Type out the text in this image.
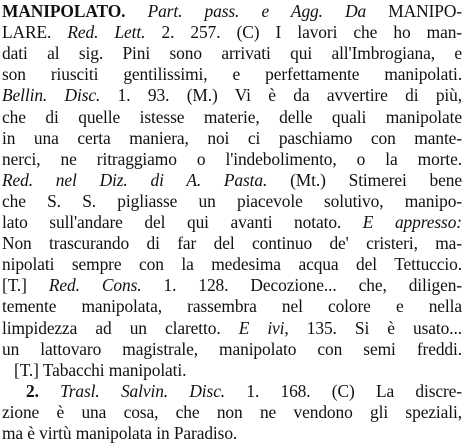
MANIPOLATO. Part. pass. e Agg. Da MANIPO-
LARE. Red. Lett. 2. 257. (C) I lavori che ho man-
dati al sig. Pini sono arrivati qui all'Imbrogiana, e
son riusciti gentilissimi, e perfettamente manipolati.
Bellin. Disc. 1. 93. (M.) Vi è da avvertire di più,
che di quelle istesse materie, delle quali manipolate
in una certa maniera, noi ci paschiamo con mante-
nerci, ne ritraggiamo o l'indebolimento, o la morte.
Red. nel Diz. di A. Pasta. (Mt.) Stimerei bene
che S. S. pigliasse un piacevole solutivo, manipo-
lato sull'andare del qui avanti notato. E appresso:
Non trascurando di far del continuo de' cristeri, ma-
nipolati sempre con la medesima acqua del Tettuccio.
[T.] Red. Cons. 1. 128. Decozione... che, diligen-
temente manipolata, rassembra nel colore e nella
limpidezza ad un claretto. E ivi, 135. Si è usato...
un lattovaro magistrale, manipolato con semi freddi.
[T.] Tabacchi manipolati.
2. Trasl. Salvin. Disc. 1. 168. (C) La discre-
zione è una cosa, che non ne vendono gli speziali,
ma è virtù manipolata in Paradiso.
